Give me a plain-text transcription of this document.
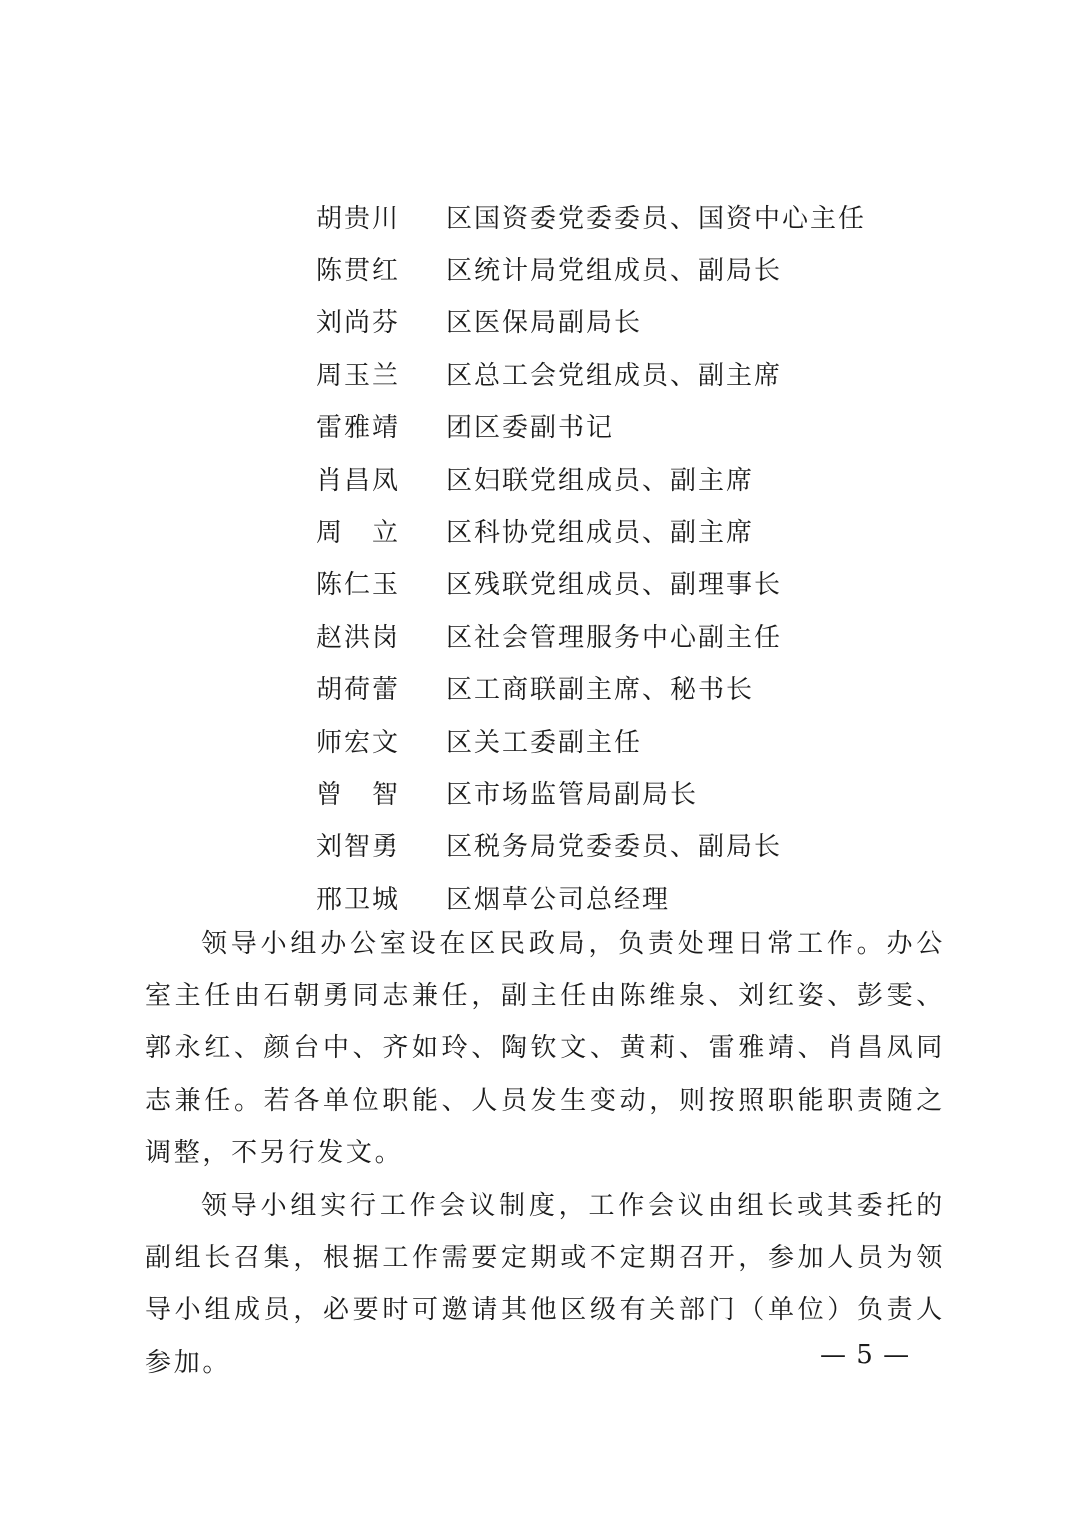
胡贵川	区国资委党委委员、国资中心主任
陈贯红	区统计局党组成员、副局长
刘尚芬	区医保局副局长
周玉兰	区总工会党组成员、副主席
雷雅靖	团区委副书记
肖昌凤	区妇联党组成员、副主席
周　立	区科协党组成员、副主席
陈仁玉	区残联党组成员、副理事长
赵洪岗	区社会管理服务中心副主任
胡荷蕾	区工商联副主席、秘书长
师宏文	区关工委副主任
曾　智	区市场监管局副局长
刘智勇	区税务局党委委员、副局长
邢卫城	区烟草公司总经理

领导小组办公室设在区民政局，负责处理日常工作。办公室主任由石朝勇同志兼任，副主任由陈维泉、刘红姿、彭雯、郭永红、颜台中、齐如玲、陶钦文、黄莉、雷雅靖、肖昌凤同志兼任。若各单位职能、人员发生变动，则按照职能职责随之调整，不另行发文。

领导小组实行工作会议制度，工作会议由组长或其委托的副组长召集，根据工作需要定期或不定期召开，参加人员为领导小组成员，必要时可邀请其他区级有关部门（单位）负责人参加。	— 5 —
